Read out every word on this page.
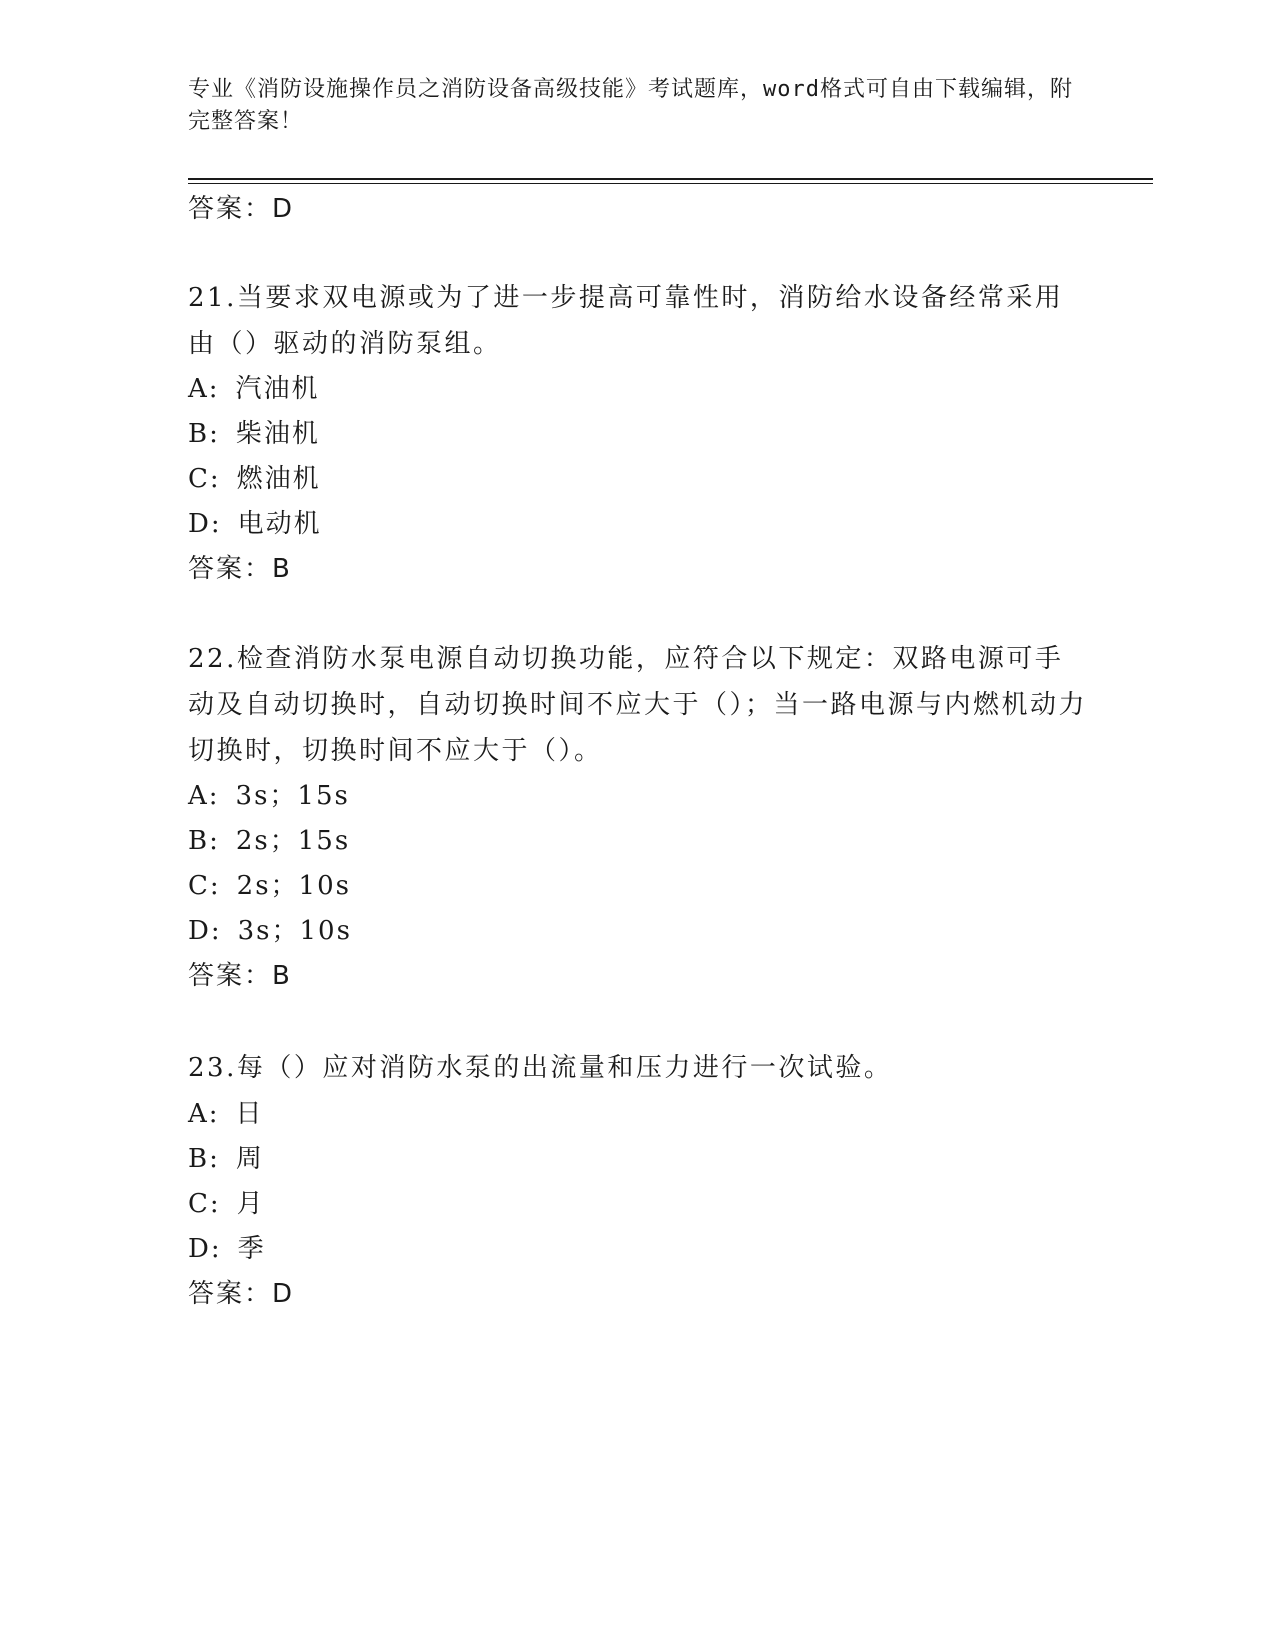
专业《消防设施操作员之消防设备高级技能》考试题库，word格式可自由下载编辑，附完整答案！
答案：D
21.当要求双电源或为了进一步提高可靠性时，消防给水设备经常采用由（）驱动的消防泵组。
A: 汽油机
B: 柴油机
C: 燃油机
D: 电动机
答案：B
22.检查消防水泵电源自动切换功能，应符合以下规定：双路电源可手动及自动切换时，自动切换时间不应大于（）；当一路电源与内燃机动力切换时，切换时间不应大于（）。
A: 3s；15s
B: 2s；15s
C: 2s；10s
D: 3s；10s
答案：B
23.每（）应对消防水泵的出流量和压力进行一次试验。
A: 日
B: 周
C: 月
D: 季
答案：D
